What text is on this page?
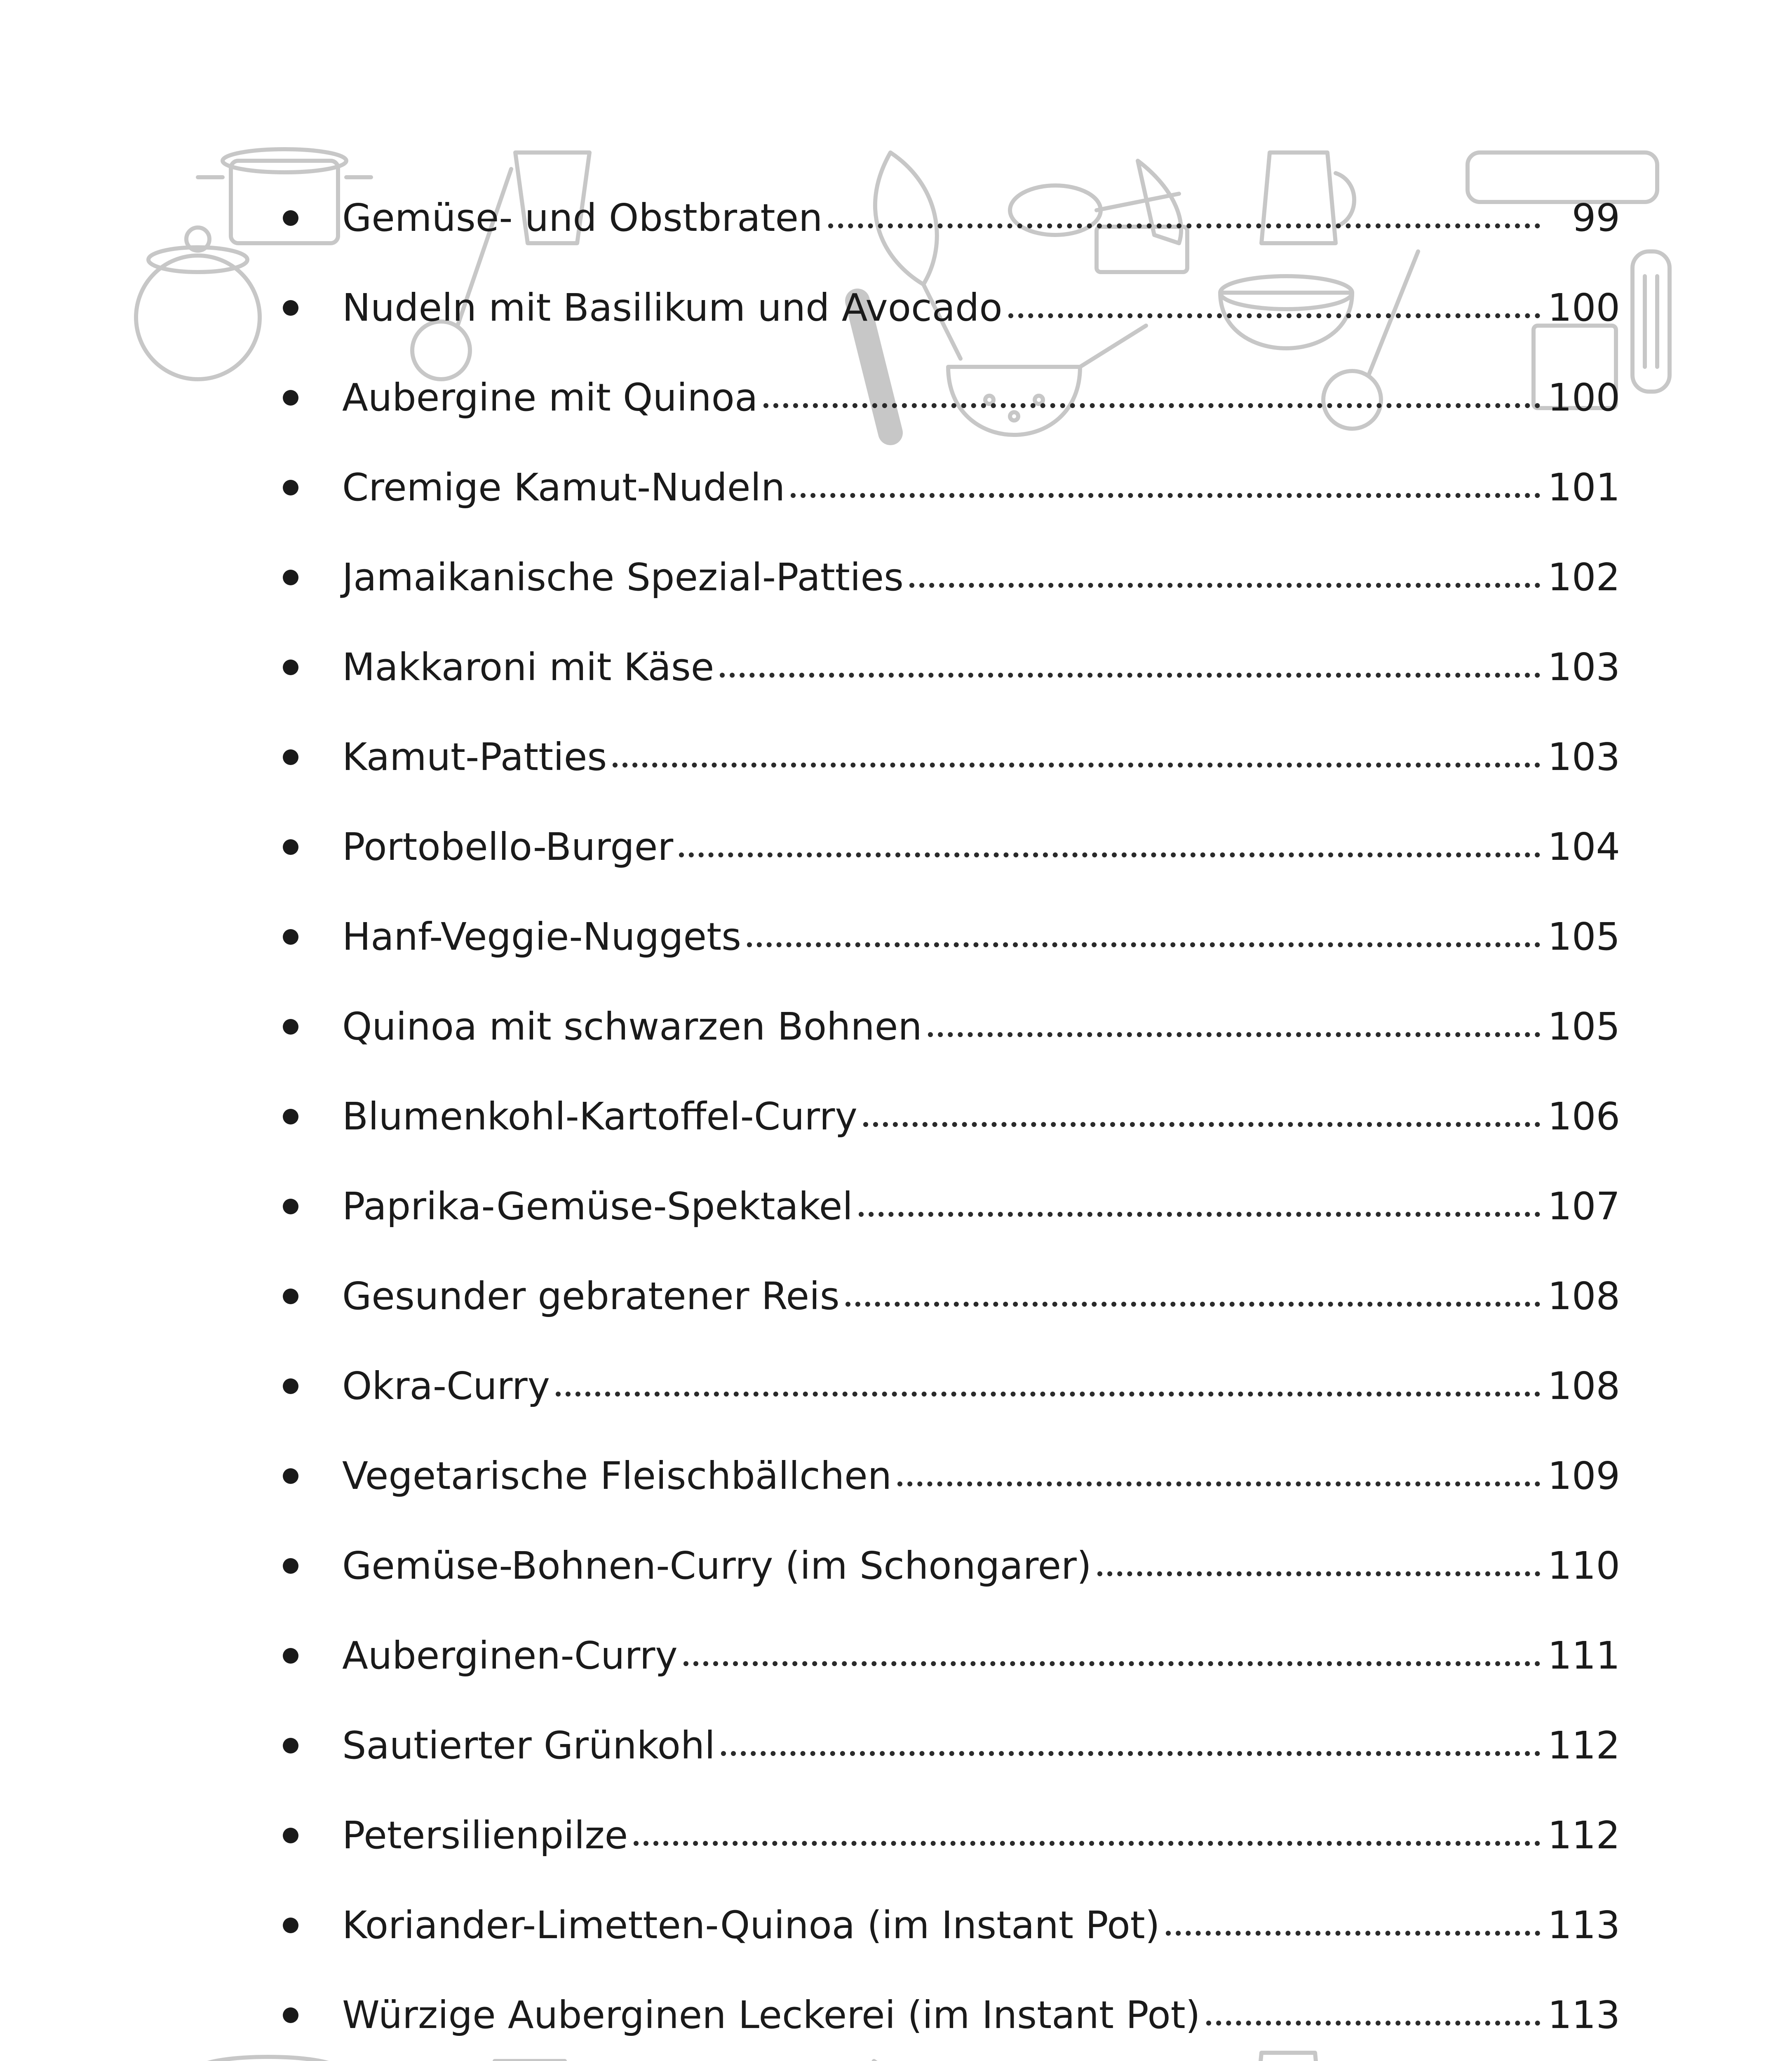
Gemüse- und Obstbraten	99
Nudeln mit Basilikum und Avocado	100
Aubergine mit Quinoa	100
Cremige Kamut-Nudeln	101
Jamaikanische Spezial-Patties	102
Makkaroni mit Käse	103
Kamut-Patties	103
Portobello-Burger	104
Hanf-Veggie-Nuggets	105
Quinoa mit schwarzen Bohnen	105
Blumenkohl-Kartoffel-Curry	106
Paprika-Gemüse-Spektakel	107
Gesunder gebratener Reis	108
Okra-Curry	108
Vegetarische Fleischbällchen	109
Gemüse-Bohnen-Curry (im Schongarer)	110
Auberginen-Curry	111
Sautierter Grünkohl	112
Petersilienpilze	112
Koriander-Limetten-Quinoa (im Instant Pot)	113
Würzige Auberginen Leckerei (im Instant Pot)	113
